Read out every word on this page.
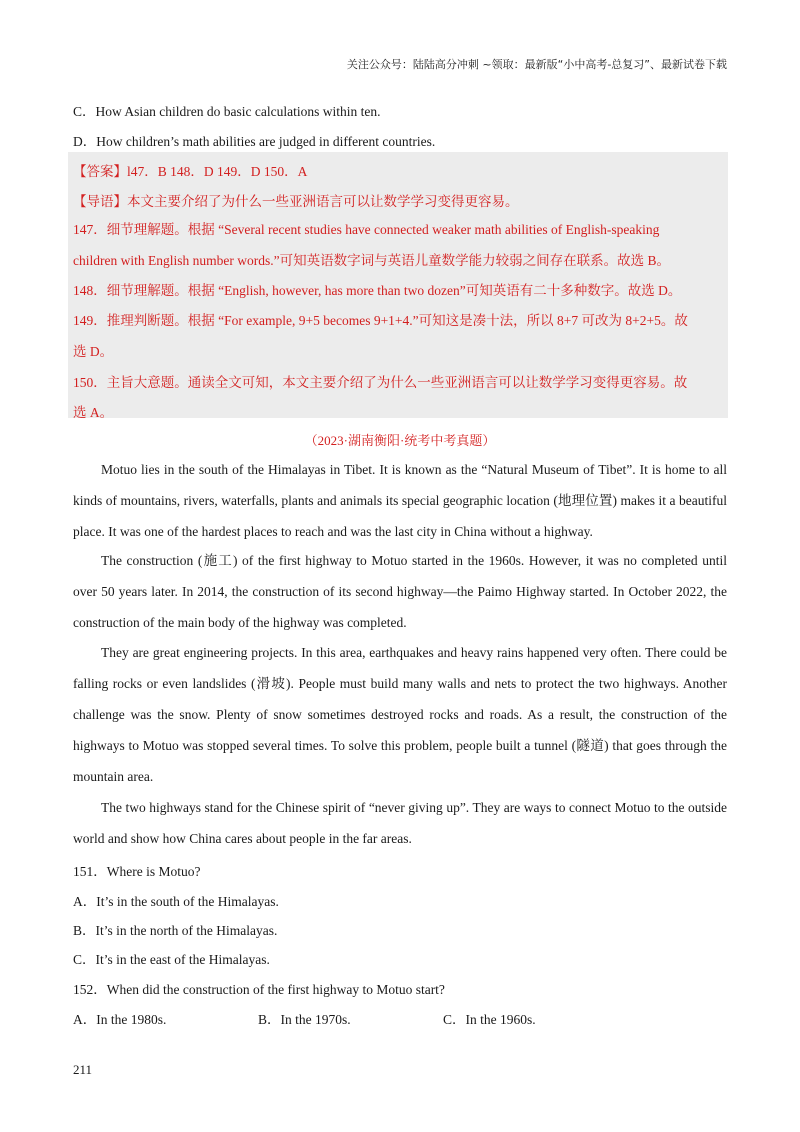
关注公众号：陆陆高分冲刺 ~领取：最新版“小中高考-总复习”、最新试卷下载
C．How Asian children do basic calculations within ten.
D．How children’s math abilities are judged in different countries.
【答案】l47．B 148．D 149．D 150．A
【导语】本文主要介绍了为什么一些亚洲语言可以让数学学习变得更容易。
147．细节理解题。根据 “Several recent studies have connected weaker math abilities of English-speaking
children with English number words.”可知英语数字词与英语儿童数学能力较弱之间存在联系。故选 B。
148．细节理解题。根据 “English, however, has more than two dozen”可知英语有二十多种数字。故选 D。
149．推理判断题。根据 “For example, 9+5 becomes 9+1+4.”可知这是凑十法，所以 8+7 可改为 8+2+5。故
选 D。
150．主旨大意题。通读全文可知，本文主要介绍了为什么一些亚洲语言可以让数学学习变得更容易。故
选 A。
（2023·湖南衡阳·统考中考真题）
Motuo lies in the south of the Himalayas in Tibet. It is known as the “Natural Museum of Tibet”. It is home to all kinds of mountains, rivers, waterfalls, plants and animals its special geographic location (地理位置) makes it a beautiful place. It was one of the hardest places to reach and was the last city in China without a highway.
The construction (施工) of the first highway to Motuo started in the 1960s. However, it was no completed until over 50 years later. In 2014, the construction of its second highway—the Paimo Highway started. In October 2022, the construction of the main body of the highway was completed.
They are great engineering projects. In this area, earthquakes and heavy rains happened very often. There could be falling rocks or even landslides (滑坡). People must build many walls and nets to protect the two highways. Another challenge was the snow. Plenty of snow sometimes destroyed rocks and roads. As a result, the construction of the highways to Motuo was stopped several times. To solve this problem, people built a tunnel (隧道) that goes through the mountain area.
The two highways stand for the Chinese spirit of “never giving up”. They are ways to connect Motuo to the outside world and show how China cares about people in the far areas.
151．Where is Motuo?
A．It’s in the south of the Himalayas.
B．It’s in the north of the Himalayas.
C．It’s in the east of the Himalayas.
152．When did the construction of the first highway to Motuo start?
A．In the 1980s.	B．In the 1970s.	C．In the 1960s.
211
